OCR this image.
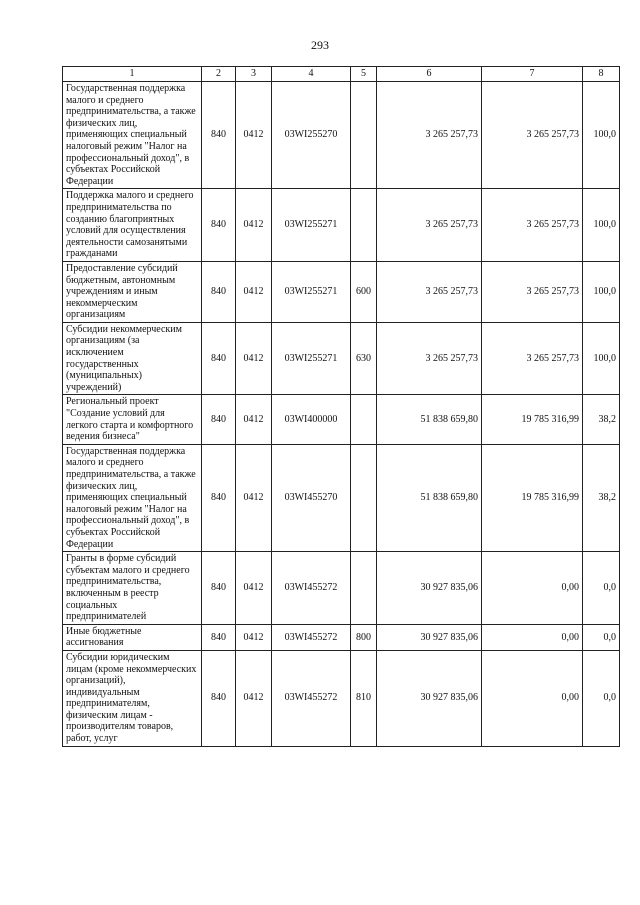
293
1	2	3	4	5	6	7	8
Государственная поддержка малого и среднего предпринимательства, а также физических лиц, применяющих специальный налоговый режим "Налог на профессиональный доход", в субъектах Российской Федерации	840	0412	03WI255270		3 265 257,73	3 265 257,73	100,0
Поддержка малого и среднего предпринимательства по созданию благоприятных условий для осуществления деятельности самозанятыми гражданами	840	0412	03WI255271		3 265 257,73	3 265 257,73	100,0
Предоставление субсидий бюджетным, автономным учреждениям и иным некоммерческим организациям	840	0412	03WI255271	600	3 265 257,73	3 265 257,73	100,0
Субсидии некоммерческим организациям (за исключением государственных (муниципальных) учреждений)	840	0412	03WI255271	630	3 265 257,73	3 265 257,73	100,0
Региональный проект "Создание условий для легкого старта и комфортного ведения бизнеса"	840	0412	03WI400000		51 838 659,80	19 785 316,99	38,2
Государственная поддержка малого и среднего предпринимательства, а также физических лиц, применяющих специальный налоговый режим "Налог на профессиональный доход", в субъектах Российской Федерации	840	0412	03WI455270		51 838 659,80	19 785 316,99	38,2
Гранты в форме субсидий субъектам малого и среднего предпринимательства, включенным в реестр социальных предпринимателей	840	0412	03WI455272		30 927 835,06	0,00	0,0
Иные бюджетные ассигнования	840	0412	03WI455272	800	30 927 835,06	0,00	0,0
Субсидии юридическим лицам (кроме некоммерческих организаций), индивидуальным предпринимателям, физическим лицам - производителям товаров, работ, услуг	840	0412	03WI455272	810	30 927 835,06	0,00	0,0
